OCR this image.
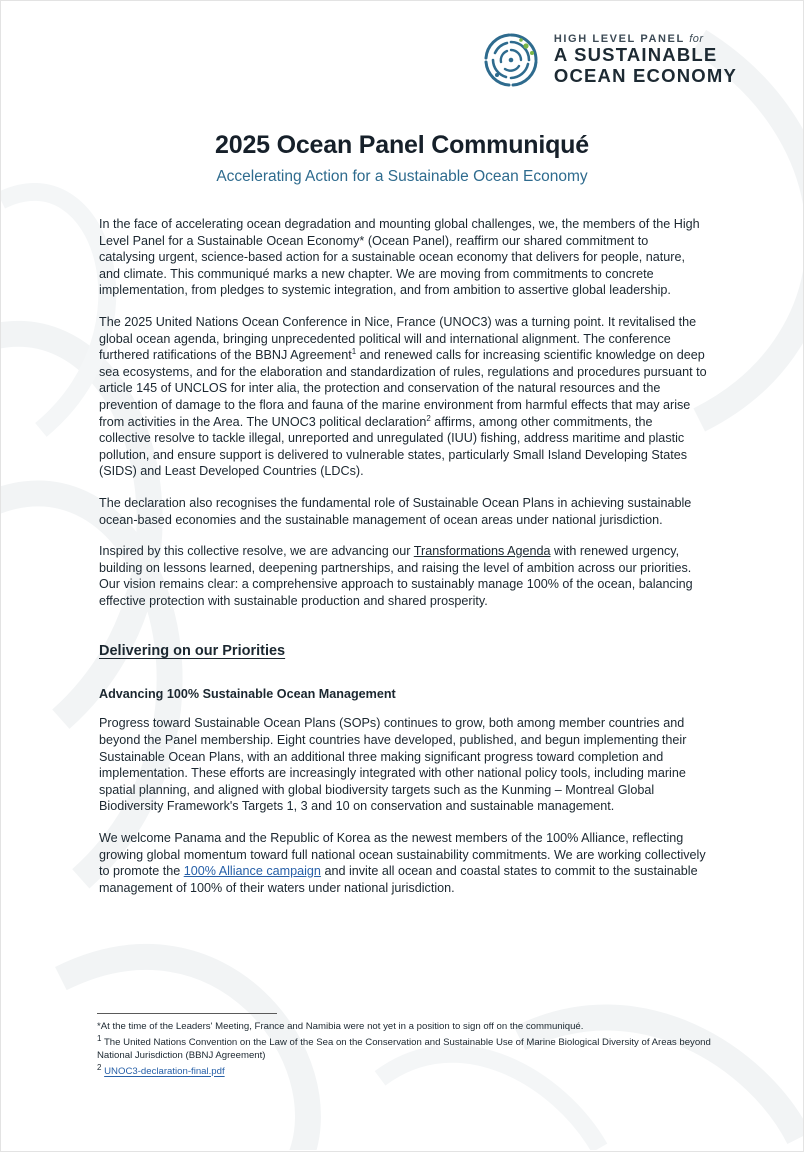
HIGH LEVEL PANEL for
A SUSTAINABLE
OCEAN ECONOMY
2025 Ocean Panel Communiqué
Accelerating Action for a Sustainable Ocean Economy

In the face of accelerating ocean degradation and mounting global challenges, we, the members of the High Level Panel for a Sustainable Ocean Economy* (Ocean Panel), reaffirm our shared commitment to catalysing urgent, science-based action for a sustainable ocean economy that delivers for people, nature, and climate. This communiqué marks a new chapter. We are moving from commitments to concrete implementation, from pledges to systemic integration, and from ambition to assertive global leadership.

The 2025 United Nations Ocean Conference in Nice, France (UNOC3) was a turning point. It revitalised the global ocean agenda, bringing unprecedented political will and international alignment. The conference furthered ratifications of the BBNJ Agreement$^1$ and renewed calls for increasing scientific knowledge on deep sea ecosystems, and for the elaboration and standardization of rules, regulations and procedures pursuant to article 145 of UNCLOS for inter alia, the protection and conservation of the natural resources and the prevention of damage to the flora and fauna of the marine environment from harmful effects that may arise from activities in the Area. The UNOC3 political declaration$^2$ affirms, among other commitments, the collective resolve to tackle illegal, unreported and unregulated (IUU) fishing, address maritime and plastic pollution, and ensure support is delivered to vulnerable states, particularly Small Island Developing States (SIDS) and Least Developed Countries (LDCs).

The declaration also recognises the fundamental role of Sustainable Ocean Plans in achieving sustainable ocean-based economies and the sustainable management of ocean areas under national jurisdiction.

Inspired by this collective resolve, we are advancing our Transformations Agenda with renewed urgency, building on lessons learned, deepening partnerships, and raising the level of ambition across our priorities. Our vision remains clear: a comprehensive approach to sustainably manage 100% of the ocean, balancing effective protection with sustainable production and shared prosperity.

Delivering on our Priorities
Advancing 100% Sustainable Ocean Management

Progress toward Sustainable Ocean Plans (SOPs) continues to grow, both among member countries and beyond the Panel membership. Eight countries have developed, published, and begun implementing their Sustainable Ocean Plans, with an additional three making significant progress toward completion and implementation. These efforts are increasingly integrated with other national policy tools, including marine spatial planning, and aligned with global biodiversity targets such as the Kunming – Montreal Global Biodiversity Framework's Targets 1, 3 and 10 on conservation and sustainable management.

We welcome Panama and the Republic of Korea as the newest members of the 100% Alliance, reflecting growing global momentum toward full national ocean sustainability commitments. We are working collectively to promote the 100% Alliance campaign and invite all ocean and coastal states to commit to the sustainable management of 100% of their waters under national jurisdiction.

*At the time of the Leaders' Meeting, France and Namibia were not yet in a position to sign off on the communiqué.

$^1$ The United Nations Convention on the Law of the Sea on the Conservation and Sustainable Use of Marine Biological Diversity of Areas beyond National Jurisdiction (BBNJ Agreement)

$^2$ UNOC3-declaration-final.pdf
